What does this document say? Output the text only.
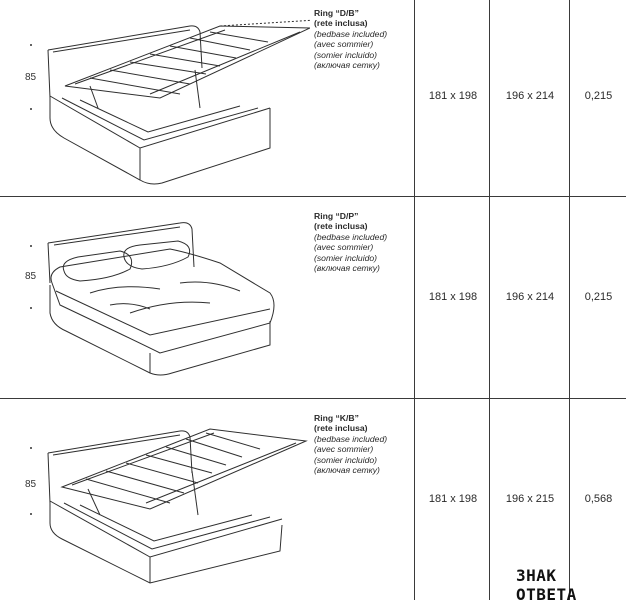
85
Ring “D/B”
(rete inclusa)
(bedbase included)
(avec sommier)
(somier incluido)
(включая сетку)
181 x 198	196 x 214	0,215
85
Ring “D/P”
(rete inclusa)
(bedbase included)
(avec sommier)
(somier incluido)
(включая сетку)
181 x 198	196 x 214	0,215
85
Ring “K/B”
(rete inclusa)
(bedbase included)
(avec sommier)
(somier incluido)
(включая сетку)
181 x 198	196 x 215	0,568
ЗНАК ОТВЕТА
